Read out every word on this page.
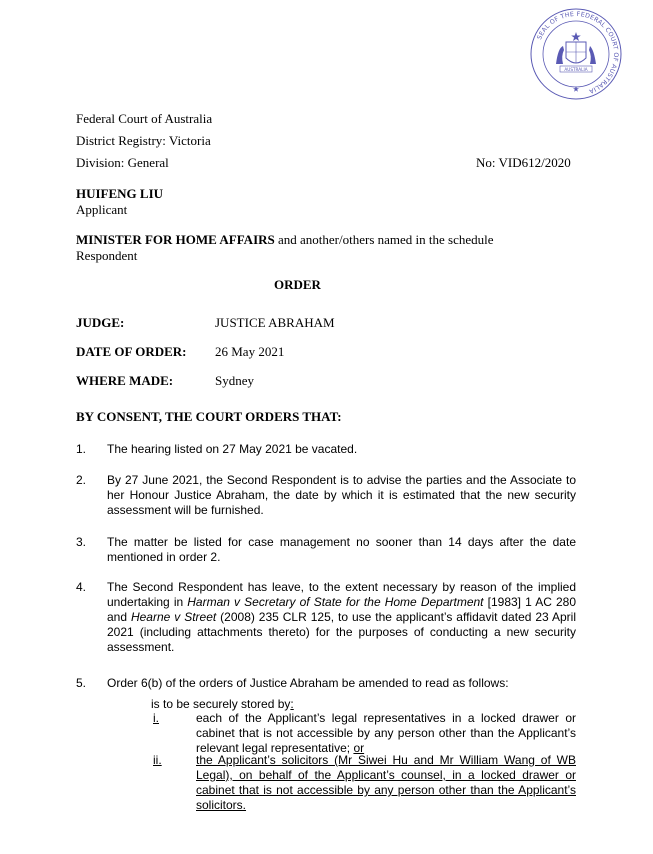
SEAL OF THE FEDERAL COURT OF AUSTRALIA
AUSTRALIA
Federal Court of Australia
District Registry: Victoria
Division: General	No: VID612/2020
HUIFENG LIU
Applicant
MINISTER FOR HOME AFFAIRS and another/others named in the schedule
Respondent
ORDER
JUDGE:	JUSTICE ABRAHAM
DATE OF ORDER: 26 May 2021
WHERE MADE:	Sydney
BY CONSENT, THE COURT ORDERS THAT:
1. The hearing listed on 27 May 2021 be vacated.
2. By 27 June 2021, the Second Respondent is to advise the parties and the Associate to her Honour Justice Abraham, the date by which it is estimated that the new security assessment will be furnished.
3. The matter be listed for case management no sooner than 14 days after the date mentioned in order 2.
4. The Second Respondent has leave, to the extent necessary by reason of the implied undertaking in Harman v Secretary of State for the Home Department [1983] 1 AC 280 and Hearne v Street (2008) 235 CLR 125, to use the applicant’s affidavit dated 23 April 2021 (including attachments thereto) for the purposes of conducting a new security assessment.
5. Order 6(b) of the orders of Justice Abraham be amended to read as follows:
is to be securely stored by:
i.	each of the Applicant’s legal representatives in a locked drawer or cabinet that is not accessible by any person other than the Applicant’s relevant legal representative; or
ii.	the Applicant’s solicitors (Mr Siwei Hu and Mr William Wang of WB Legal), on behalf of the Applicant’s counsel, in a locked drawer or cabinet that is not accessible by any person other than the Applicant’s solicitors.
